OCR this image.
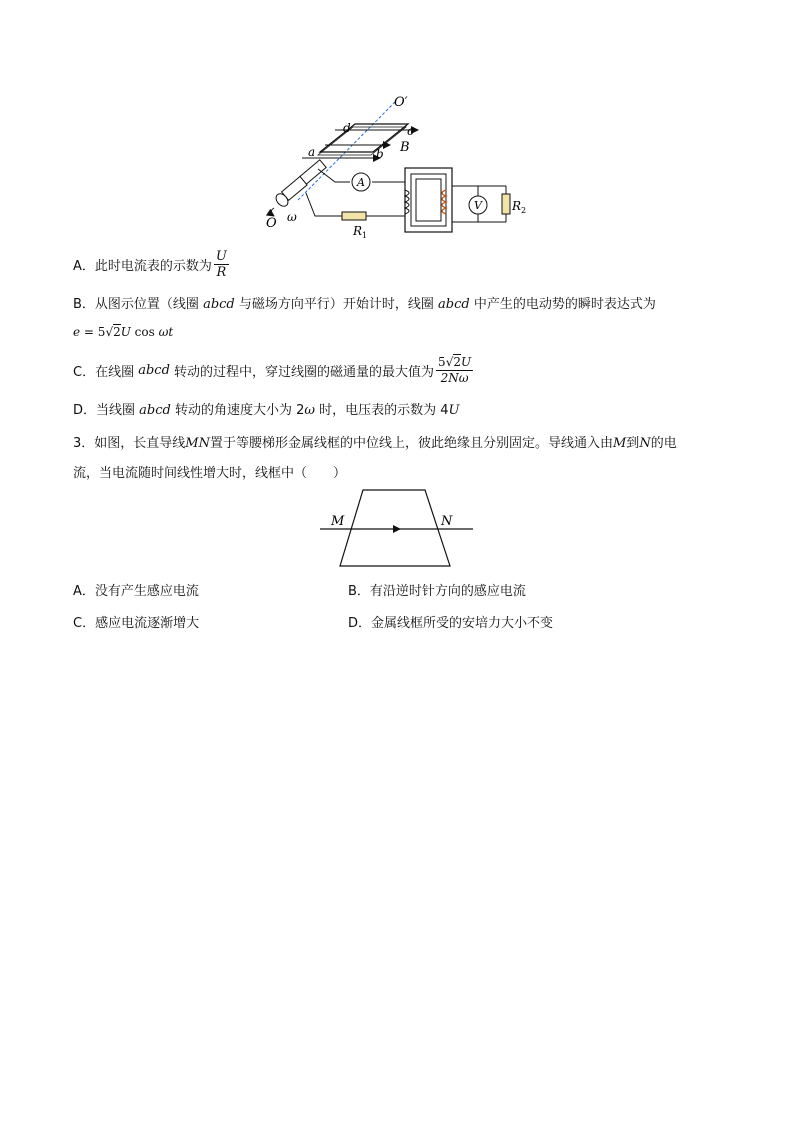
O′
d	c
a	b B
ω
O
A
V
$R_1$
$R_2$
A．此时电流表的示数为 $\frac{U}{R}$
B．从图示位置（线圈 abcd 与磁场方向平行）开始计时，线圈 abcd 中产生的电动势的瞬时表达式为
e = 5√2U cos ωt
C．在线圈 abcd 转动的过程中，穿过线圈的磁通量的最大值为 $\frac{5√2U}{2N\omega}$
D．当线圈 abcd 转动的角速度大小为 2ω 时，电压表的示数为 4U
3．如图，长直导线MN置于等腰梯形金属线框的中位线上，彼此绝缘且分别固定。导线通入由M到N的电
流，当电流随时间线性增大时，线框中（　　）
M	N
A．没有产生感应电流	B．有沿逆时针方向的感应电流
C．感应电流逐渐增大	D．金属线框所受的安培力大小不变
